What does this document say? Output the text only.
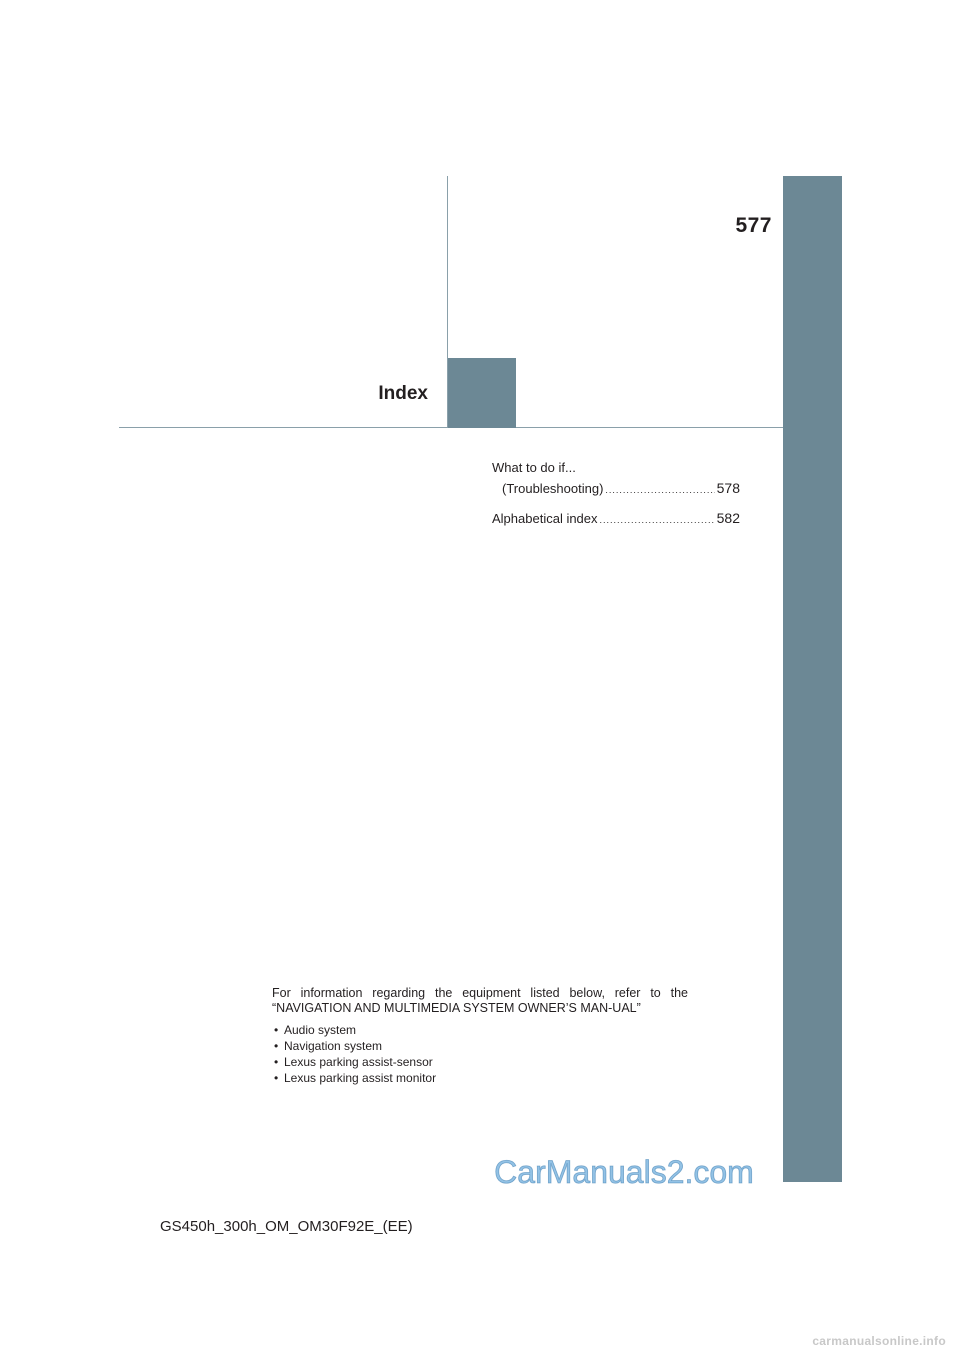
577
Index
What to do if...
(Troubleshooting) .....	578
Alphabetical index .....	582
For information regarding the equipment listed below, refer to the “NAVIGATION AND MULTIMEDIA SYSTEM OWNER’S MAN-UAL”
• Audio system
• Navigation system
• Lexus parking assist-sensor
• Lexus parking assist monitor
CarManuals2.com
GS450h_300h_OM_OM30F92E_(EE)
carmanualsonline.info
